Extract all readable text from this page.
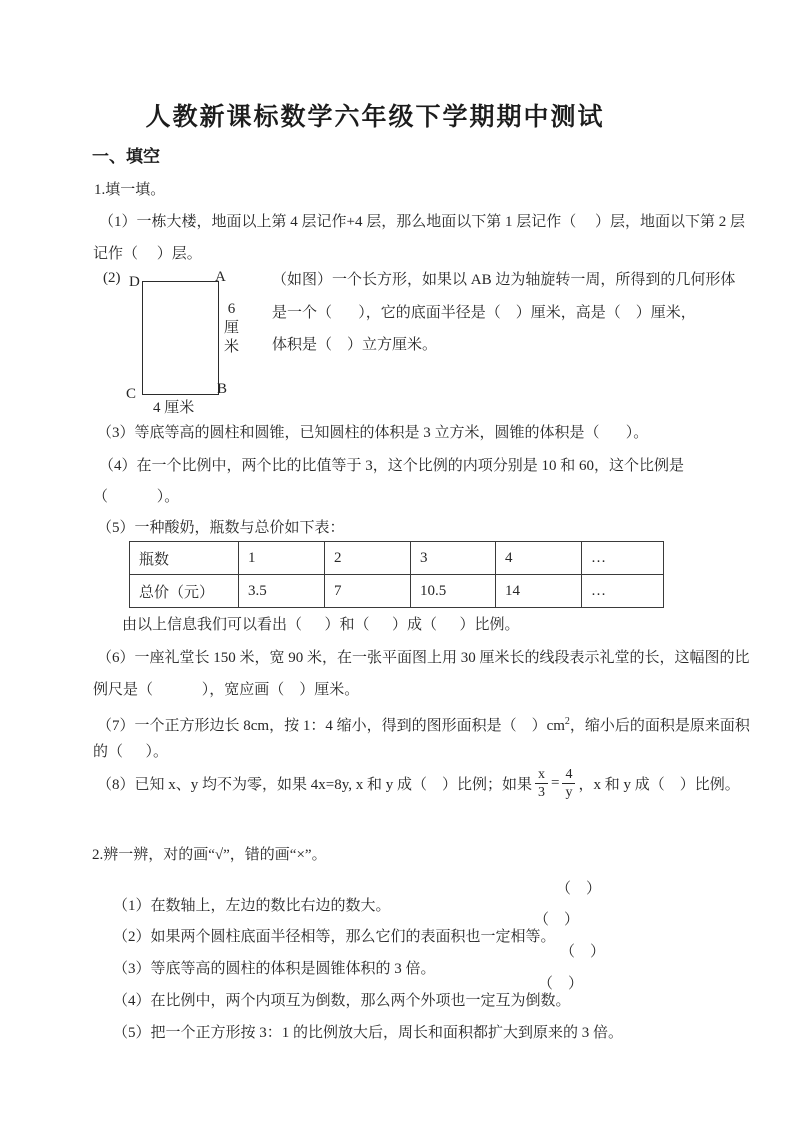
人教新课标数学六年级下学期期中测试
一、填空
1.填一填。
（1）一栋大楼，地面以上第 4 层记作+4 层，那么地面以下第 1 层记作（     ）层，地面以下第 2 层
记作（     ）层。
(2) D	A
C	B
6厘米
4 厘米
（如图）一个长方形，如果以 AB 边为轴旋转一周，所得到的几何形体
是一个（       ），它的底面半径是（    ）厘米，高是（    ）厘米，
体积是（    ）立方厘米。
（3）等底等高的圆柱和圆锥，已知圆柱的体积是 3 立方米，圆锥的体积是（       ）。
（4）在一个比例中，两个比的比值等于 3，这个比例的内项分别是 10 和 60，这个比例是
（             ）。
（5）一种酸奶，瓶数与总价如下表：
瓶数	1	2	3	4	…
总价（元）	3.5	7	10.5	14	…
由以上信息我们可以看出（      ）和（      ）成（      ）比例。
（6）一座礼堂长 150 米，宽 90 米，在一张平面图上用 30 厘米长的线段表示礼堂的长，这幅图的比
例尺是（             ），宽应画（    ）厘米。
（7）一个正方形边长 8cm，按 1：4 缩小，得到的图形面积是（    ）$cm^2$，缩小后的面积是原来面积
的（      ）。
（8）已知 x、y 均不为零，如果 4x=8y, x 和 y 成（    ）比例；如果 $\frac{x}{3} = \frac{4}{y}$ ，x 和 y 成（    ）比例。
2.辨一辨，对的画“√”，错的画“×”。

（1）在数轴上，左边的数比右边的数大。

（    ）

（2）如果两个圆柱底面半径相等，那么它们的表面积也一定相等。

（    ）

（3）等底等高的圆柱的体积是圆锥体积的 3 倍。

（    ）

（4）在比例中，两个内项互为倒数，那么两个外项也一定互为倒数。

（    ）

（5）把一个正方形按 3：1 的比例放大后，周长和面积都扩大到原来的 3 倍。
